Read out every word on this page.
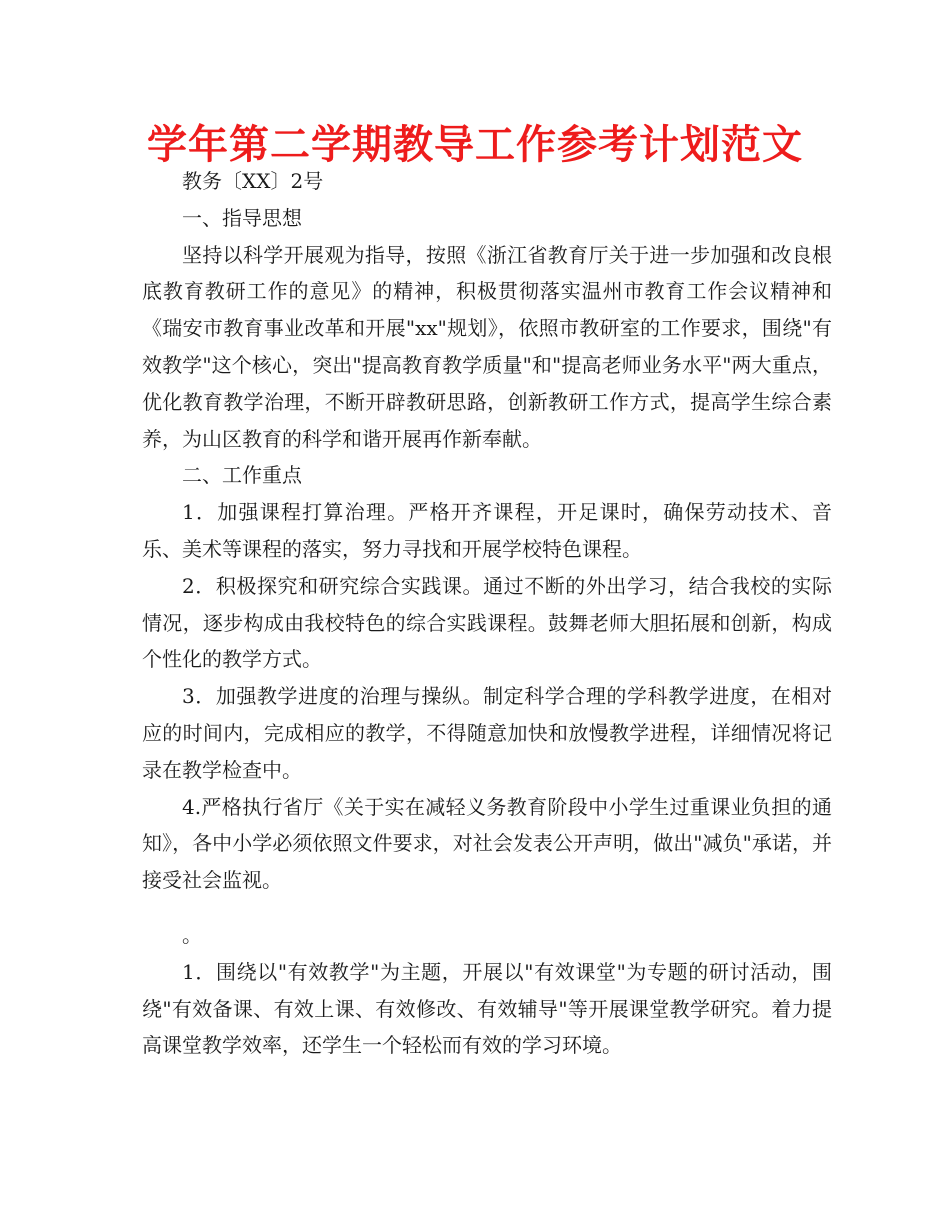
学年第二学期教导工作参考计划范文

教务〔XX〕2号

一、指导思想

坚持以科学开展观为指导，按照《浙江省教育厅关于进一步加强和改良根底教育教研工作的意见》的精神，积极贯彻落实温州市教育工作会议精神和《瑞安市教育事业改革和开展"xx"规划》，依照市教研室的工作要求，围绕"有效教学"这个核心，突出"提高教育教学质量"和"提高老师业务水平"两大重点，优化教育教学治理，不断开辟教研思路，创新教研工作方式，提高学生综合素养，为山区教育的科学和谐开展再作新奉献。

二、工作重点

1．加强课程打算治理。严格开齐课程，开足课时，确保劳动技术、音乐、美术等课程的落实，努力寻找和开展学校特色课程。

2．积极探究和研究综合实践课。通过不断的外出学习，结合我校的实际情况，逐步构成由我校特色的综合实践课程。鼓舞老师大胆拓展和创新，构成个性化的教学方式。

3．加强教学进度的治理与操纵。制定科学合理的学科教学进度，在相对应的时间内，完成相应的教学，不得随意加快和放慢教学进程，详细情况将记录在教学检查中。

4.严格执行省厅《关于实在减轻义务教育阶段中小学生过重课业负担的通知》，各中小学必须依照文件要求，对社会发表公开声明，做出"减负"承诺，并接受社会监视。

。

1．围绕以"有效教学"为主题，开展以"有效课堂"为专题的研讨活动，围绕"有效备课、有效上课、有效修改、有效辅导"等开展课堂教学研究。着力提高课堂教学效率，还学生一个轻松而有效的学习环境。
